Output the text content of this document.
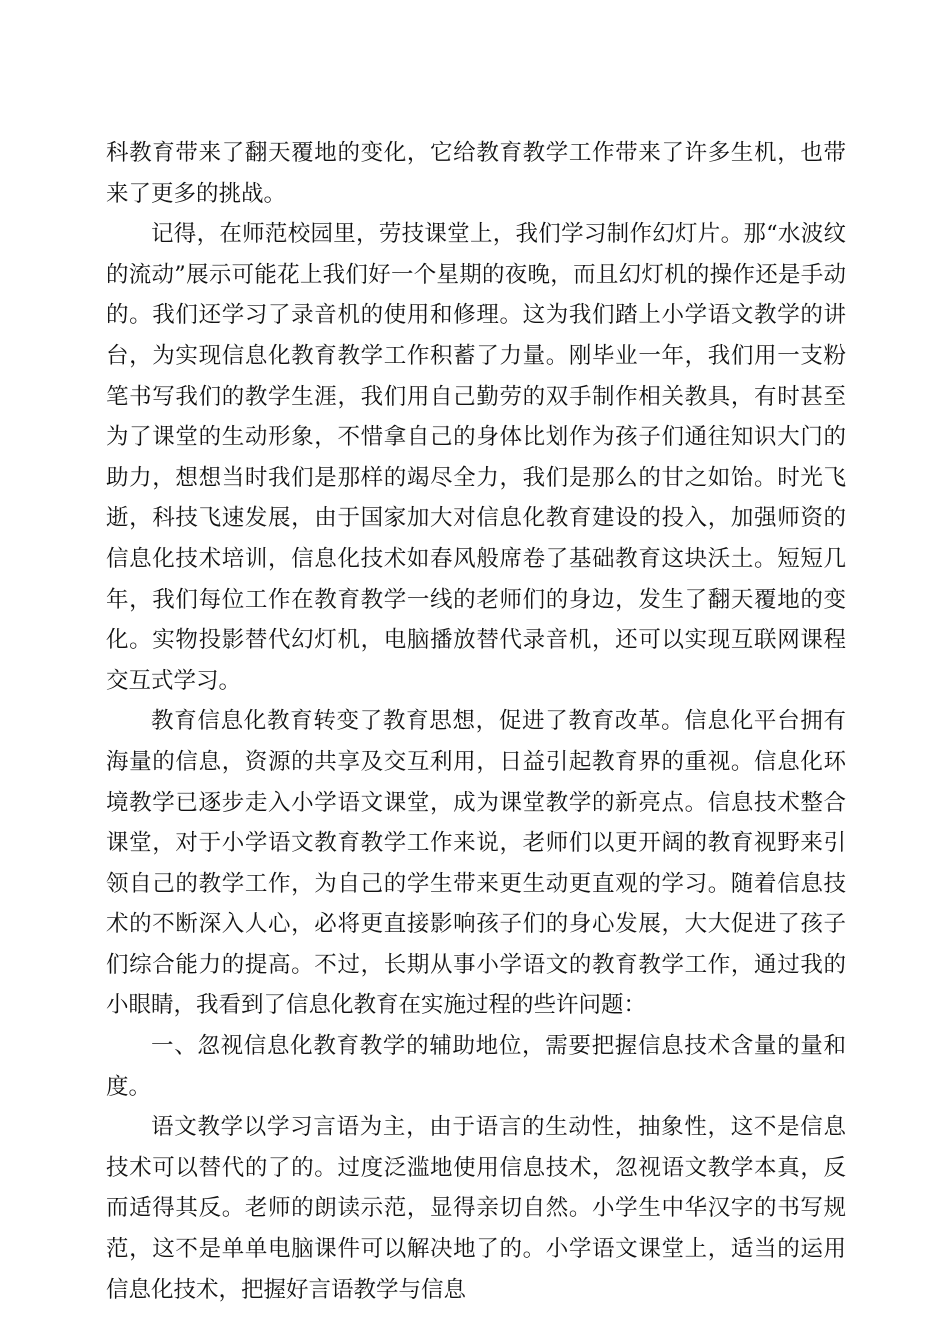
科教育带来了翻天覆地的变化，它给教育教学工作带来了许多生机，也带来了更多的挑战。

记得，在师范校园里，劳技课堂上，我们学习制作幻灯片。那“水波纹的流动”展示可能花上我们好一个星期的夜晚，而且幻灯机的操作还是手动的。我们还学习了录音机的使用和修理。这为我们踏上小学语文教学的讲台，为实现信息化教育教学工作积蓄了力量。刚毕业一年，我们用一支粉笔书写我们的教学生涯，我们用自己勤劳的双手制作相关教具，有时甚至为了课堂的生动形象，不惜拿自己的身体比划作为孩子们通往知识大门的助力，想想当时我们是那样的竭尽全力，我们是那么的甘之如饴。时光飞逝，科技飞速发展，由于国家加大对信息化教育建设的投入，加强师资的信息化技术培训，信息化技术如春风般席卷了基础教育这块沃土。短短几年，我们每位工作在教育教学一线的老师们的身边，发生了翻天覆地的变化。实物投影替代幻灯机，电脑播放替代录音机，还可以实现互联网课程交互式学习。

教育信息化教育转变了教育思想，促进了教育改革。信息化平台拥有海量的信息，资源的共享及交互利用，日益引起教育界的重视。信息化环境教学已逐步走入小学语文课堂，成为课堂教学的新亮点。信息技术整合课堂，对于小学语文教育教学工作来说，老师们以更开阔的教育视野来引领自己的教学工作，为自己的学生带来更生动更直观的学习。随着信息技术的不断深入人心，必将更直接影响孩子们的身心发展，大大促进了孩子们综合能力的提高。不过，长期从事小学语文的教育教学工作，通过我的小眼睛，我看到了信息化教育在实施过程的些许问题：

一、忽视信息化教育教学的辅助地位，需要把握信息技术含量的量和度。

语文教学以学习言语为主，由于语言的生动性，抽象性，这不是信息技术可以替代的了的。过度泛滥地使用信息技术，忽视语文教学本真，反而适得其反。老师的朗读示范，显得亲切自然。小学生中华汉字的书写规范，这不是单单电脑课件可以解决地了的。小学语文课堂上，适当的运用信息化技术，把握好言语教学与信息
